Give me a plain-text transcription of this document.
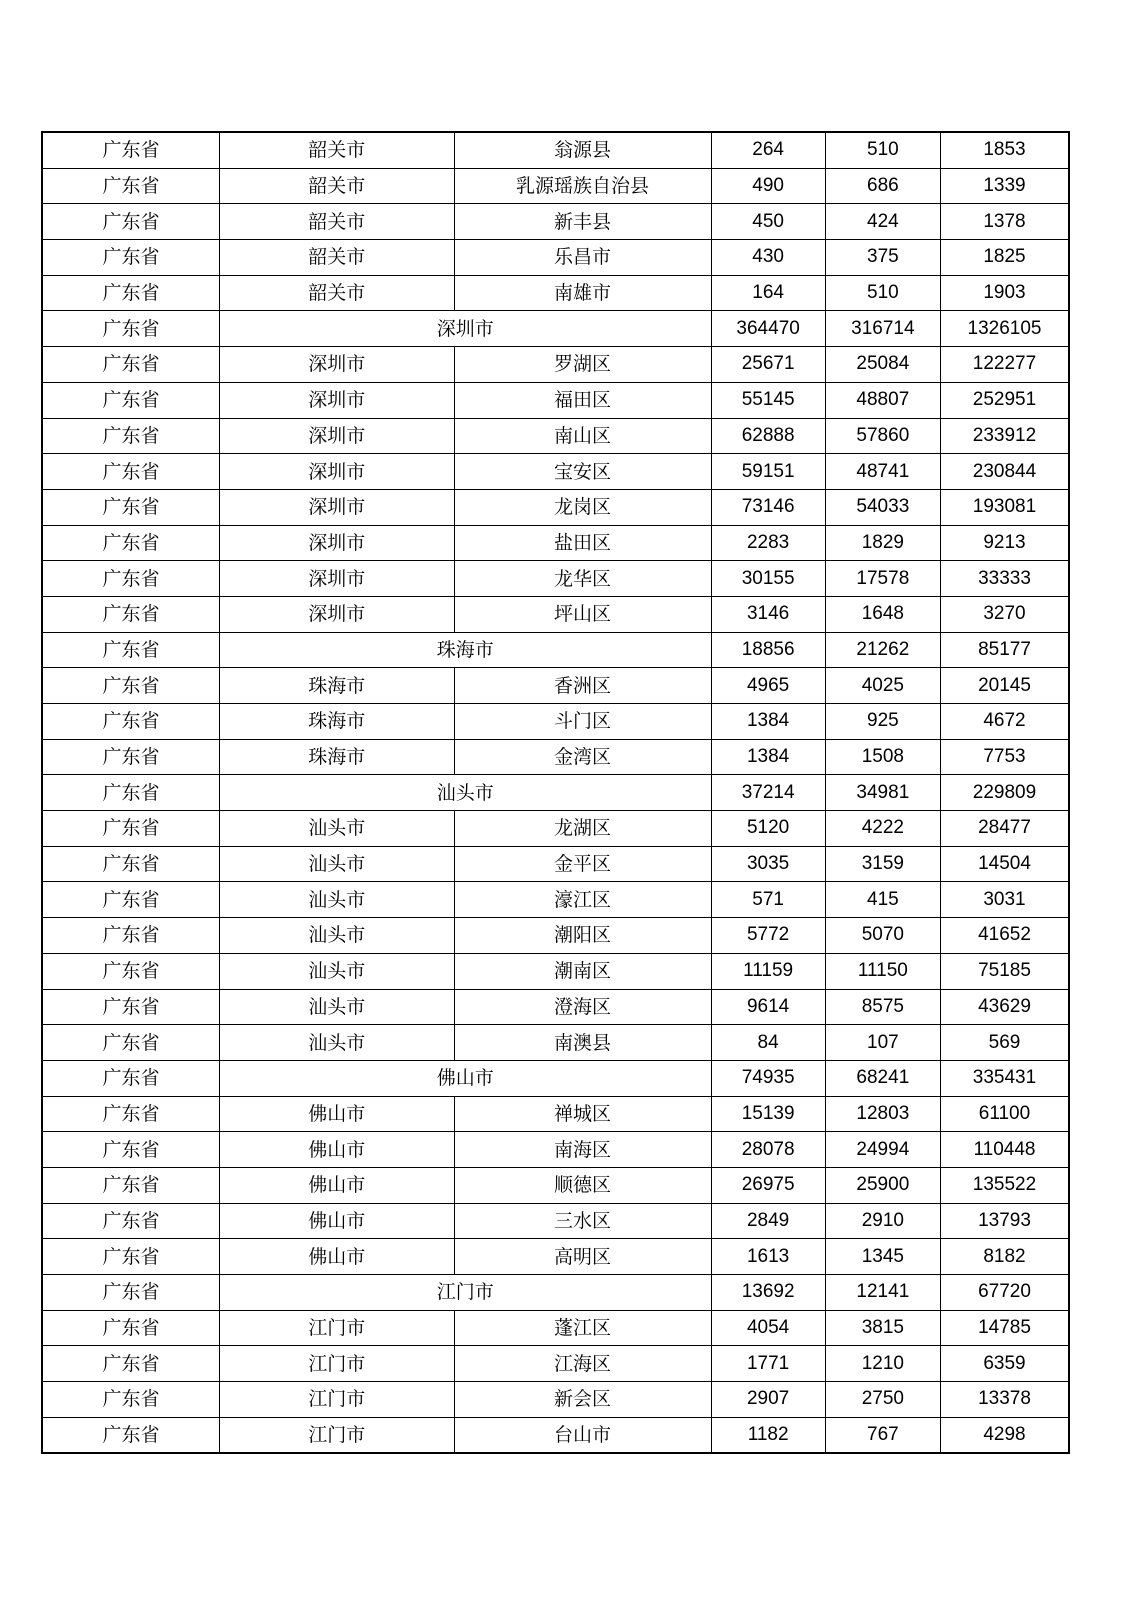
广东省	韶关市	翁源县	264	510	1853
广东省	韶关市	乳源瑶族自治县	490	686	1339
广东省	韶关市	新丰县	450	424	1378
广东省	韶关市	乐昌市	430	375	1825
广东省	韶关市	南雄市	164	510	1903
广东省	深圳市		364470	316714	1326105
广东省	深圳市	罗湖区	25671	25084	122277
广东省	深圳市	福田区	55145	48807	252951
广东省	深圳市	南山区	62888	57860	233912
广东省	深圳市	宝安区	59151	48741	230844
广东省	深圳市	龙岗区	73146	54033	193081
广东省	深圳市	盐田区	2283	1829	9213
广东省	深圳市	龙华区	30155	17578	33333
广东省	深圳市	坪山区	3146	1648	3270
广东省	珠海市		18856	21262	85177
广东省	珠海市	香洲区	4965	4025	20145
广东省	珠海市	斗门区	1384	925	4672
广东省	珠海市	金湾区	1384	1508	7753
广东省	汕头市		37214	34981	229809
广东省	汕头市	龙湖区	5120	4222	28477
广东省	汕头市	金平区	3035	3159	14504
广东省	汕头市	濠江区	571	415	3031
广东省	汕头市	潮阳区	5772	5070	41652
广东省	汕头市	潮南区	11159	11150	75185
广东省	汕头市	澄海区	9614	8575	43629
广东省	汕头市	南澳县	84	107	569
广东省	佛山市		74935	68241	335431
广东省	佛山市	禅城区	15139	12803	61100
广东省	佛山市	南海区	28078	24994	110448
广东省	佛山市	顺德区	26975	25900	135522
广东省	佛山市	三水区	2849	2910	13793
广东省	佛山市	高明区	1613	1345	8182
广东省	江门市		13692	12141	67720
广东省	江门市	蓬江区	4054	3815	14785
广东省	江门市	江海区	1771	1210	6359
广东省	江门市	新会区	2907	2750	13378
广东省	江门市	台山市	1182	767	4298
